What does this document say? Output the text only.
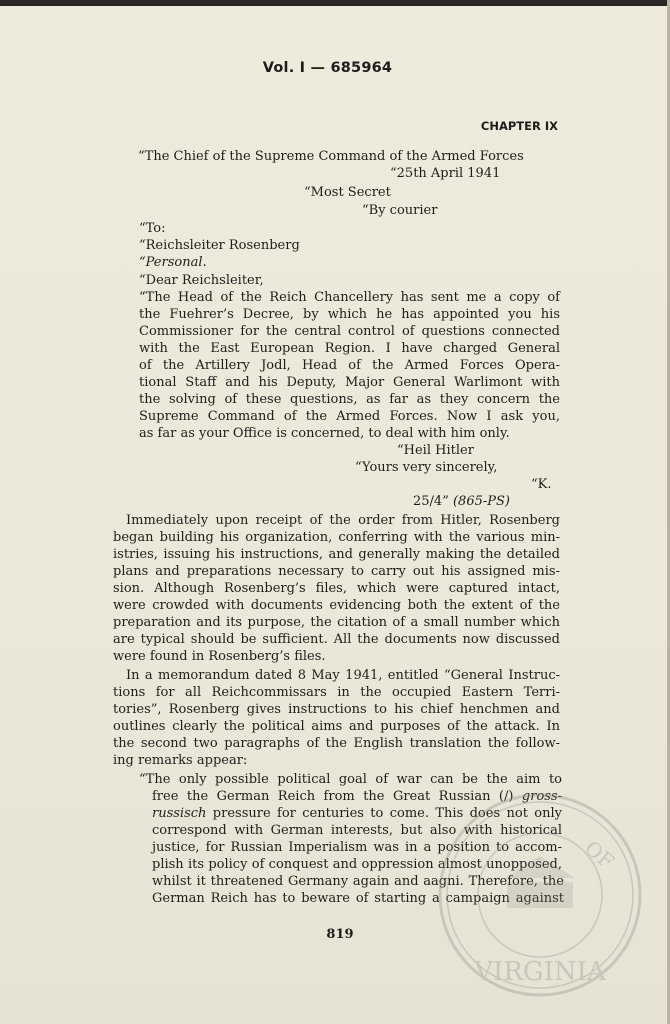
Vol. I — 685964
CHAPTER IX
“The Chief of the Supreme Command of the Armed Forces
“25th April 1941
“Most Secret
“By courier
“To:
“Reichsleiter Rosenberg
“Personal.
“Dear Reichsleiter,
“The Head of the Reich Chancellery has sent me a copy of
the Fuehrer’s Decree, by which he has appointed you his
Commissioner for the central control of questions connected
with the East European Region. I have charged General
of the Artillery Jodl, Head of the Armed Forces Opera-
tional Staff and his Deputy, Major General Warlimont with
the solving of these questions, as far as they concern the
Supreme Command of the Armed Forces. Now I ask you,
as far as your Office is concerned, to deal with him only.
“Heil Hitler
“Yours very sincerely,
“K.
25/4” (865-PS)
Immediately upon receipt of the order from Hitler, Rosenberg
began building his organization, conferring with the various min-
istries, issuing his instructions, and generally making the detailed
plans and preparations necessary to carry out his assigned mis-
sion. Although Rosenberg’s files, which were captured intact,
were crowded with documents evidencing both the extent of the
preparation and its purpose, the citation of a small number which
are typical should be sufficient. All the documents now discussed
were found in Rosenberg’s files.
In a memorandum dated 8 May 1941, entitled “General Instruc-
tions for all Reichcommissars in the occupied Eastern Terri-
tories”, Rosenberg gives instructions to his chief henchmen and
outlines clearly the political aims and purposes of the attack. In
the second two paragraphs of the English translation the follow-
ing remarks appear:
“The only possible political goal of war can be the aim to
free the German Reich from the Great Russian (/) gross-
russisch pressure for centuries to come. This does not only
correspond with German interests, but also with historical
justice, for Russian Imperialism was in a position to accom-
plish its policy of conquest and oppression almost unopposed,
whilst it threatened Germany again and aagni. Therefore, the
German Reich has to beware of starting a campaign against
819
VIRGINIA
OF
